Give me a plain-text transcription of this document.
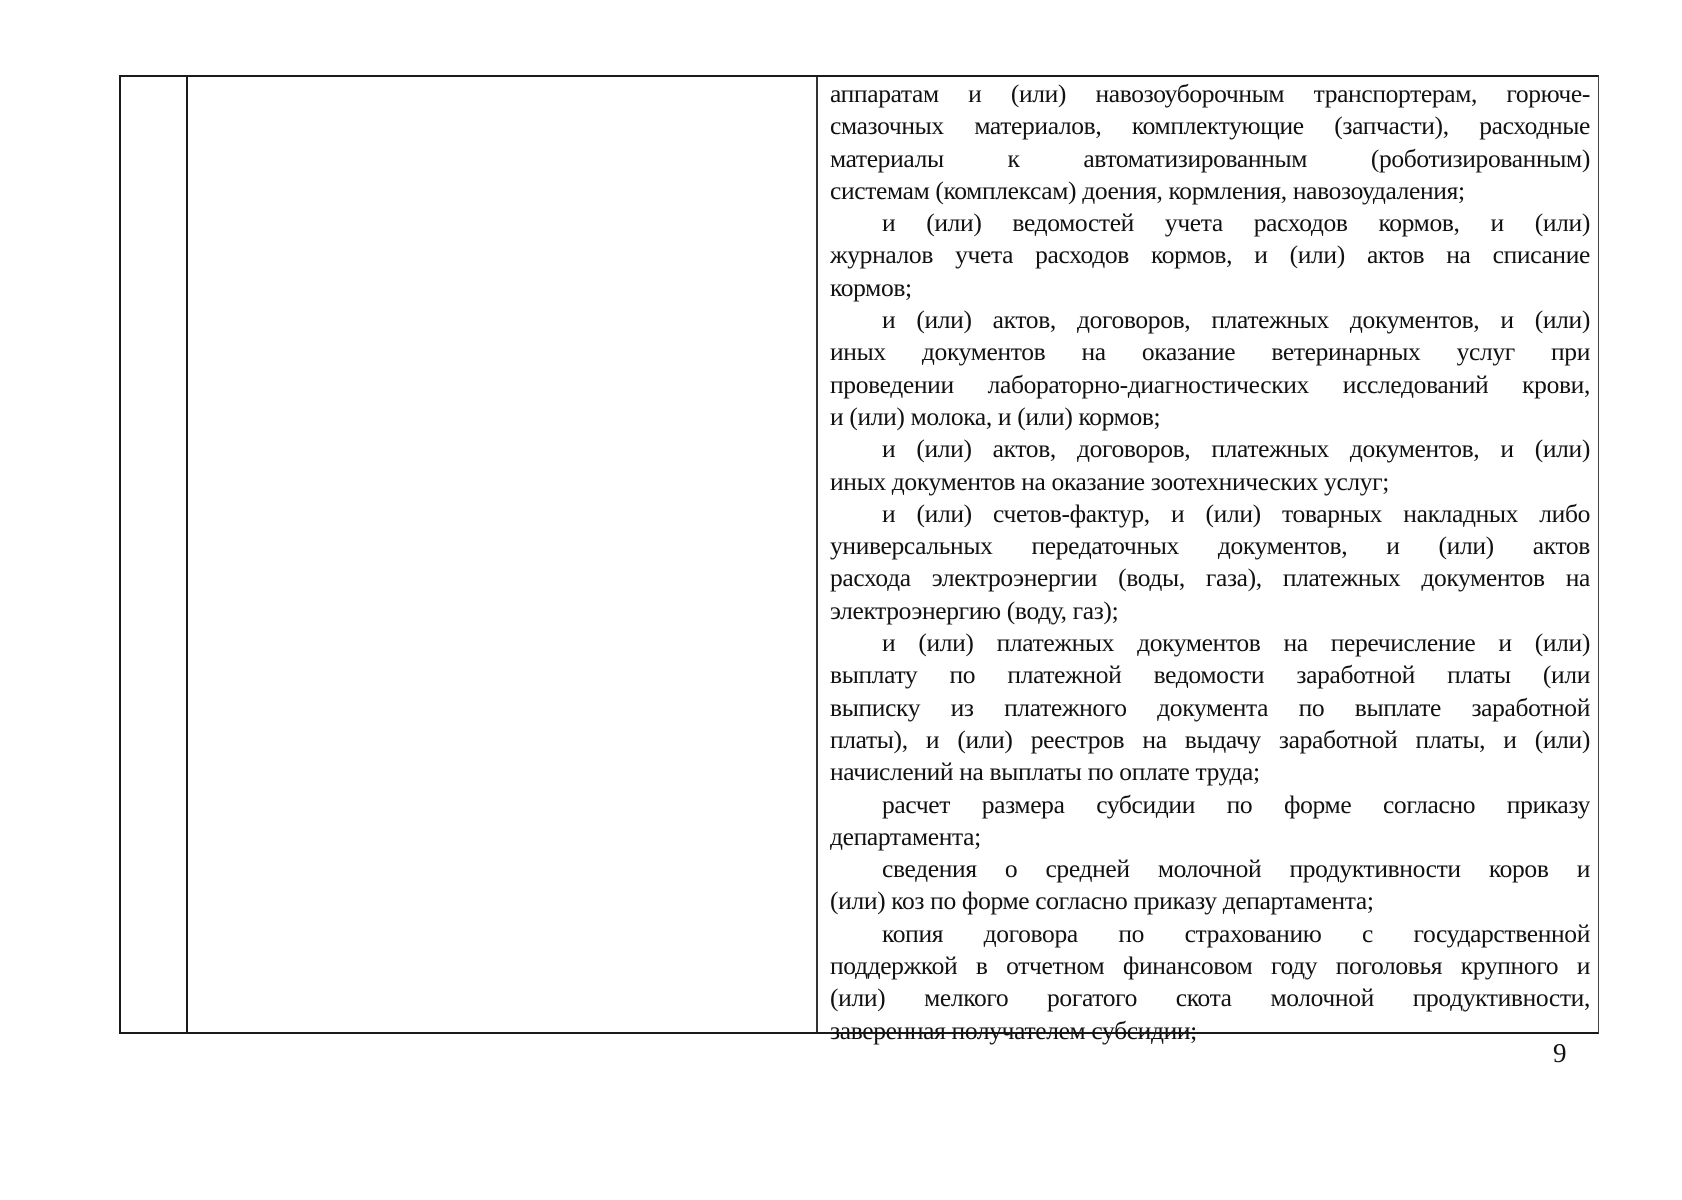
аппаратам и (или) навозоуборочным транспортерам, горюче-
смазочных материалов, комплектующие (запчасти), расходные
материалы к автоматизированным (роботизированным)
системам (комплексам) доения, кормления, навозоудаления;
и (или) ведомостей учета расходов кормов, и (или)
журналов учета расходов кормов, и (или) актов на списание
кормов;
и (или) актов, договоров, платежных документов, и (или)
иных документов на оказание ветеринарных услуг при
проведении лабораторно-диагностических исследований крови,
и (или) молока, и (или) кормов;
и (или) актов, договоров, платежных документов, и (или)
иных документов на оказание зоотехнических услуг;
и (или) счетов-фактур, и (или) товарных накладных либо
универсальных передаточных документов, и (или) актов
расхода электроэнергии (воды, газа), платежных документов на
электроэнергию (воду, газ);
и (или) платежных документов на перечисление и (или)
выплату по платежной ведомости заработной платы (или
выписку из платежного документа по выплате заработной
платы), и (или) реестров на выдачу заработной платы, и (или)
начислений на выплаты по оплате труда;
расчет размера субсидии по форме согласно приказу
департамента;
сведения о средней молочной продуктивности коров и
(или) коз по форме согласно приказу департамента;
копия договора по страхованию с государственной
поддержкой в отчетном финансовом году поголовья крупного и
(или) мелкого рогатого скота молочной продуктивности,
заверенная получателем субсидии;
9
